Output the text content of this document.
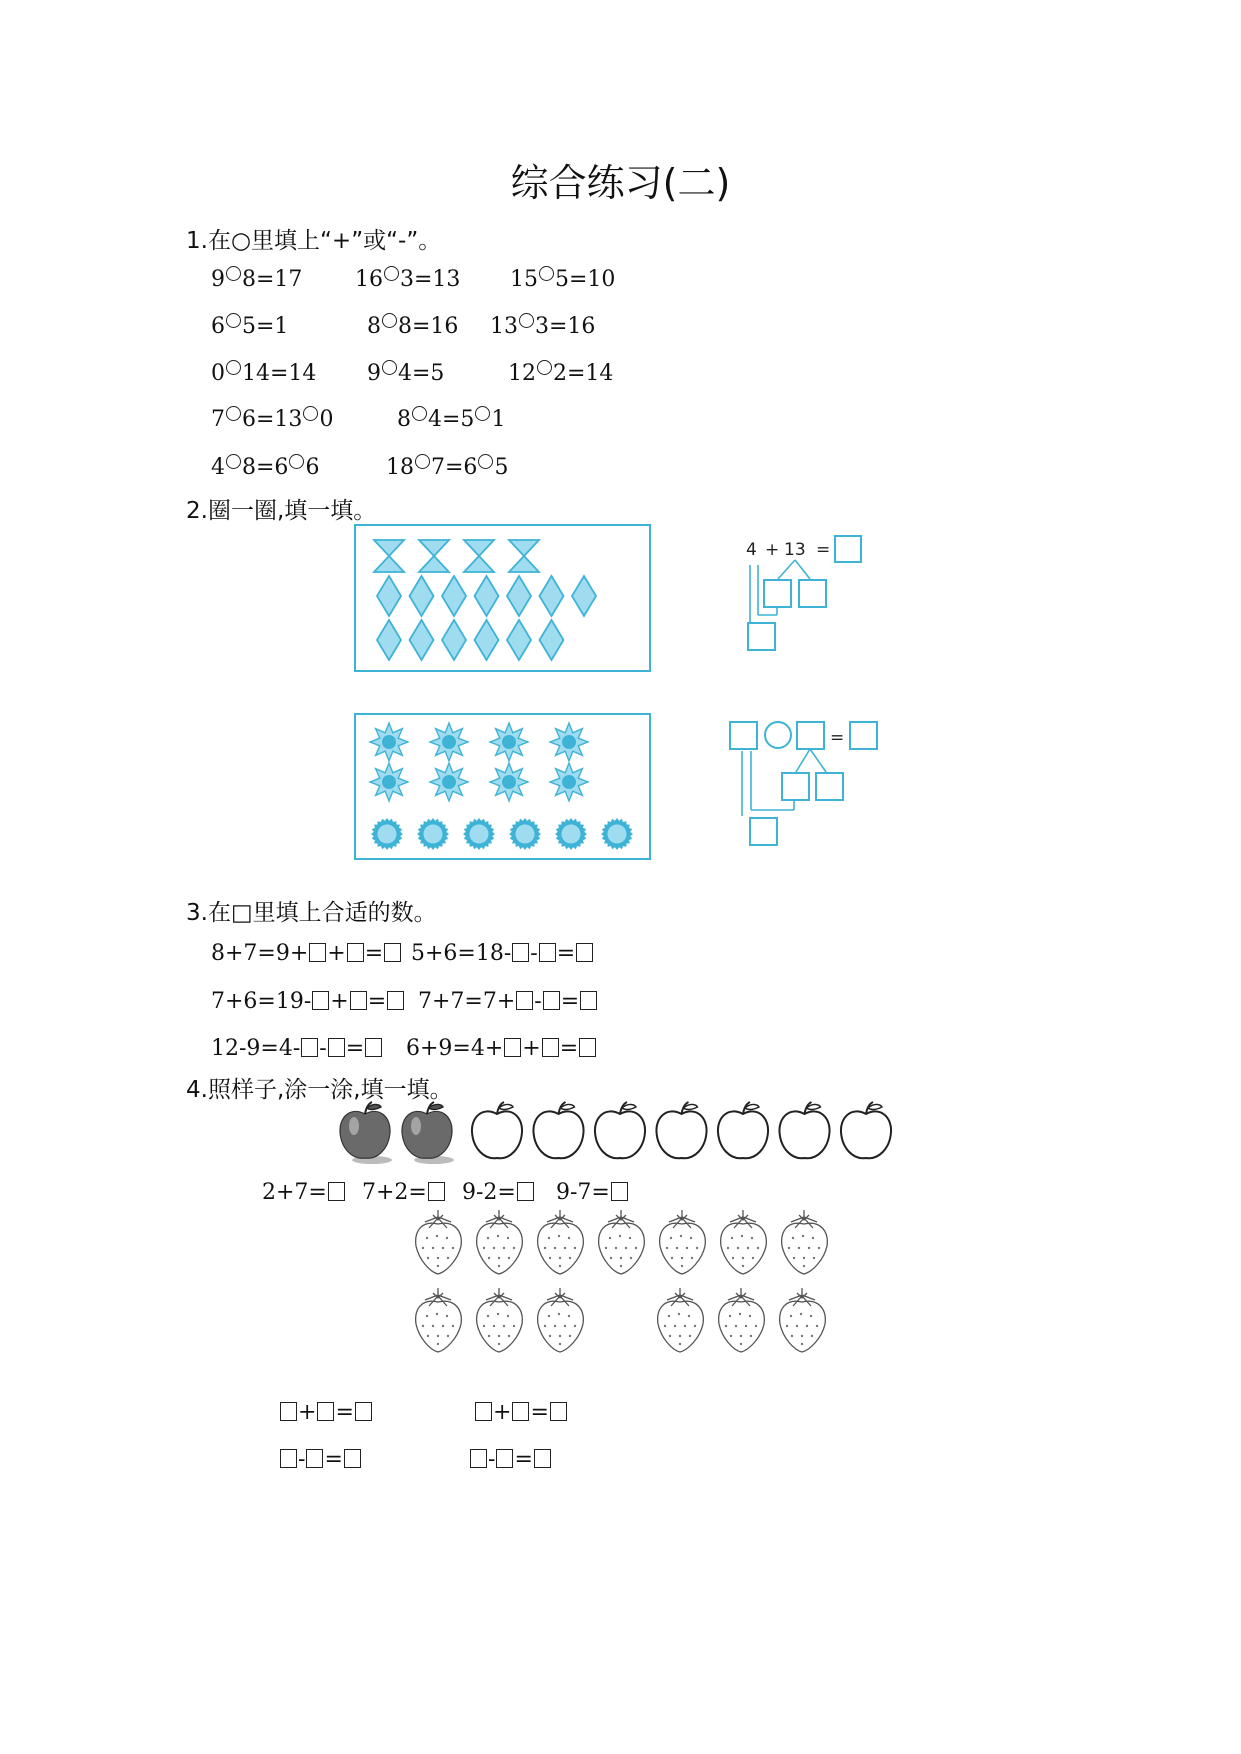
综合练习(二)
1.在○里填上“+”或“-”。
2.圈一圈,填一填。
4 + 13 =
=
3.在□里填上合适的数。
4.照样子,涂一涂,填一填。
9 8=17 16 3=13 15 5=10
6 5=1	8 8=16 13 3=16
0 14=14 9 4=5	12 2=14
7 6=13 0	8 4=5 1
4 8=6 6	18 7=6 5
8+7=9+ + =	5+6=18- - =
7+6=19- + =	7+7=7+ - =
12-9=4- - =	6+9=4+ + =
2+7=	7+2=	9-2=	9-7=
+ =	+ =
- =	- =
